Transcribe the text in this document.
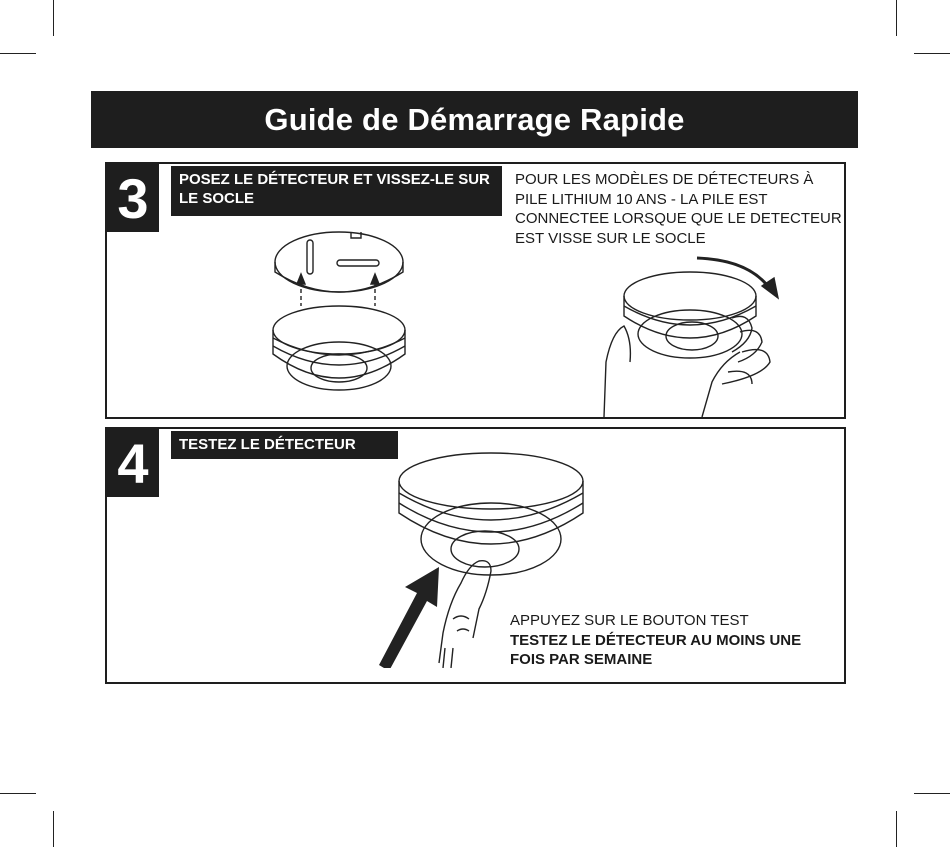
Guide de Démarrage Rapide
3	POSEZ LE DÉTECTEUR ET VISSEZ-LE SUR LE SOCLE
POUR LES MODÈLES DE DÉTECTEURS À PILE LITHIUM 10 ANS - LA PILE EST CONNECTEE LORSQUE QUE LE DETECTEUR EST VISSE SUR LE SOCLE
4	TESTEZ LE DÉTECTEUR
APPUYEZ SUR LE BOUTON TEST
TESTEZ LE DÉTECTEUR AU MOINS UNE FOIS PAR SEMAINE
